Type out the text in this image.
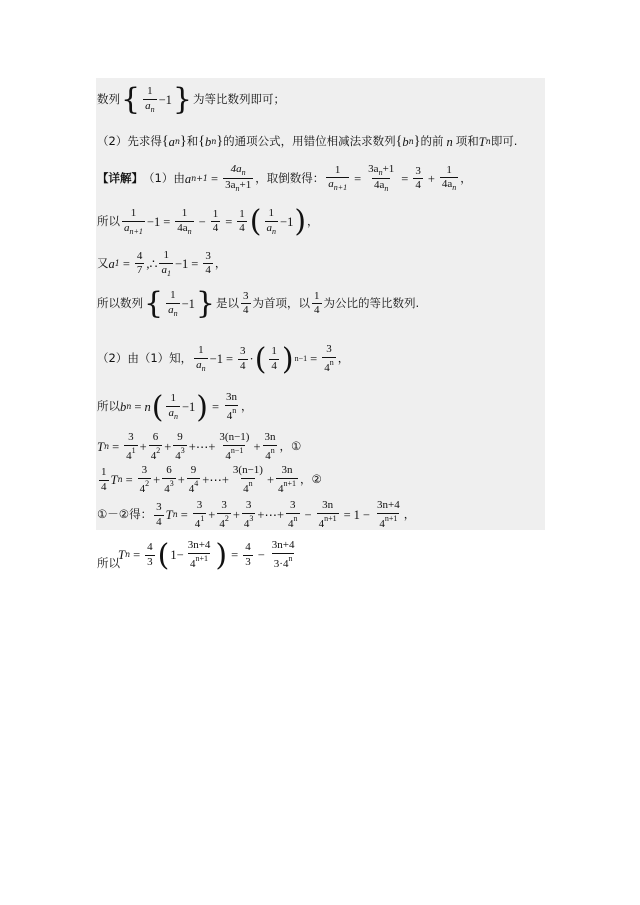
数列 { $\frac{1}{a_n} -1$ } 为等比数列即可；
（2）先求得 { a n } 和 { b n } 的通项公式，用错位相减法求数列 { b n } 的前 n 项和 T n 即可.
【详解】 （1）由 a $n+1 = \frac{4a_n}{3a_n+1}$ ，取倒数得： $\frac{1}{a_{n+1}} = \frac{3a_n+1}{4a_n} = \frac{3}{4} + \frac{1}{4a_n}$ ，
所以 $\frac{1}{a_{n+1}} -1 = \frac{1}{4a_n} - \frac{1}{4} = \frac{1}{4}$ ( $\frac{1}{a_n} -1$ ) ，
又 a $1 = \frac{4}{7}$ ,∴ $\frac{1}{a_1} -1 = \frac{3}{4}$ ，
所以数列 { $\frac{1}{a_n} -1$ } 是以 $\frac{3}{4}$ 为首项，以 $\frac{1}{4}$ 为公比的等比数列.
（2）由（1）知， $\frac{1}{a_n} -1 = \frac{3}{4}$ · ( $\frac{1}{4}$ ) $n-1 = \frac{3}{4^n}$ ，
所以 b n = n ( $\frac{1}{a_n} -1$ ) = $\frac{3n}{4^n}$ ，
T $n = \frac{3}{4^1} + \frac{6}{4^2} + \frac{9}{4^3}$ +⋯+ $\frac{3(n-1)}{4^{n-1}} + \frac{3n}{4^n}$ ，①
$\frac{1}{4}$ T $n = \frac{3}{4^2} + \frac{6}{4^3} + \frac{9}{4^4}$ +⋯+ $\frac{3(n-1)}{4^n} + \frac{3n}{4^{n+1}}$ ，②
①－②得： $\frac{3}{4}$ T $n = \frac{3}{4^1} + \frac{3}{4^2} + \frac{3}{4^3}$ +⋯+ $\frac{3}{4^n} - \frac{3n}{4^{n+1}} = 1 - \frac{3n+4}{4^{n+1}}$ ，
T $n = \frac{4}{3}$ ( $1- \frac{3n+4}{4^{n+1}}$ ) = $\frac{4}{3} - \frac{3n+4}{3\cdot 4^n}$
所以
